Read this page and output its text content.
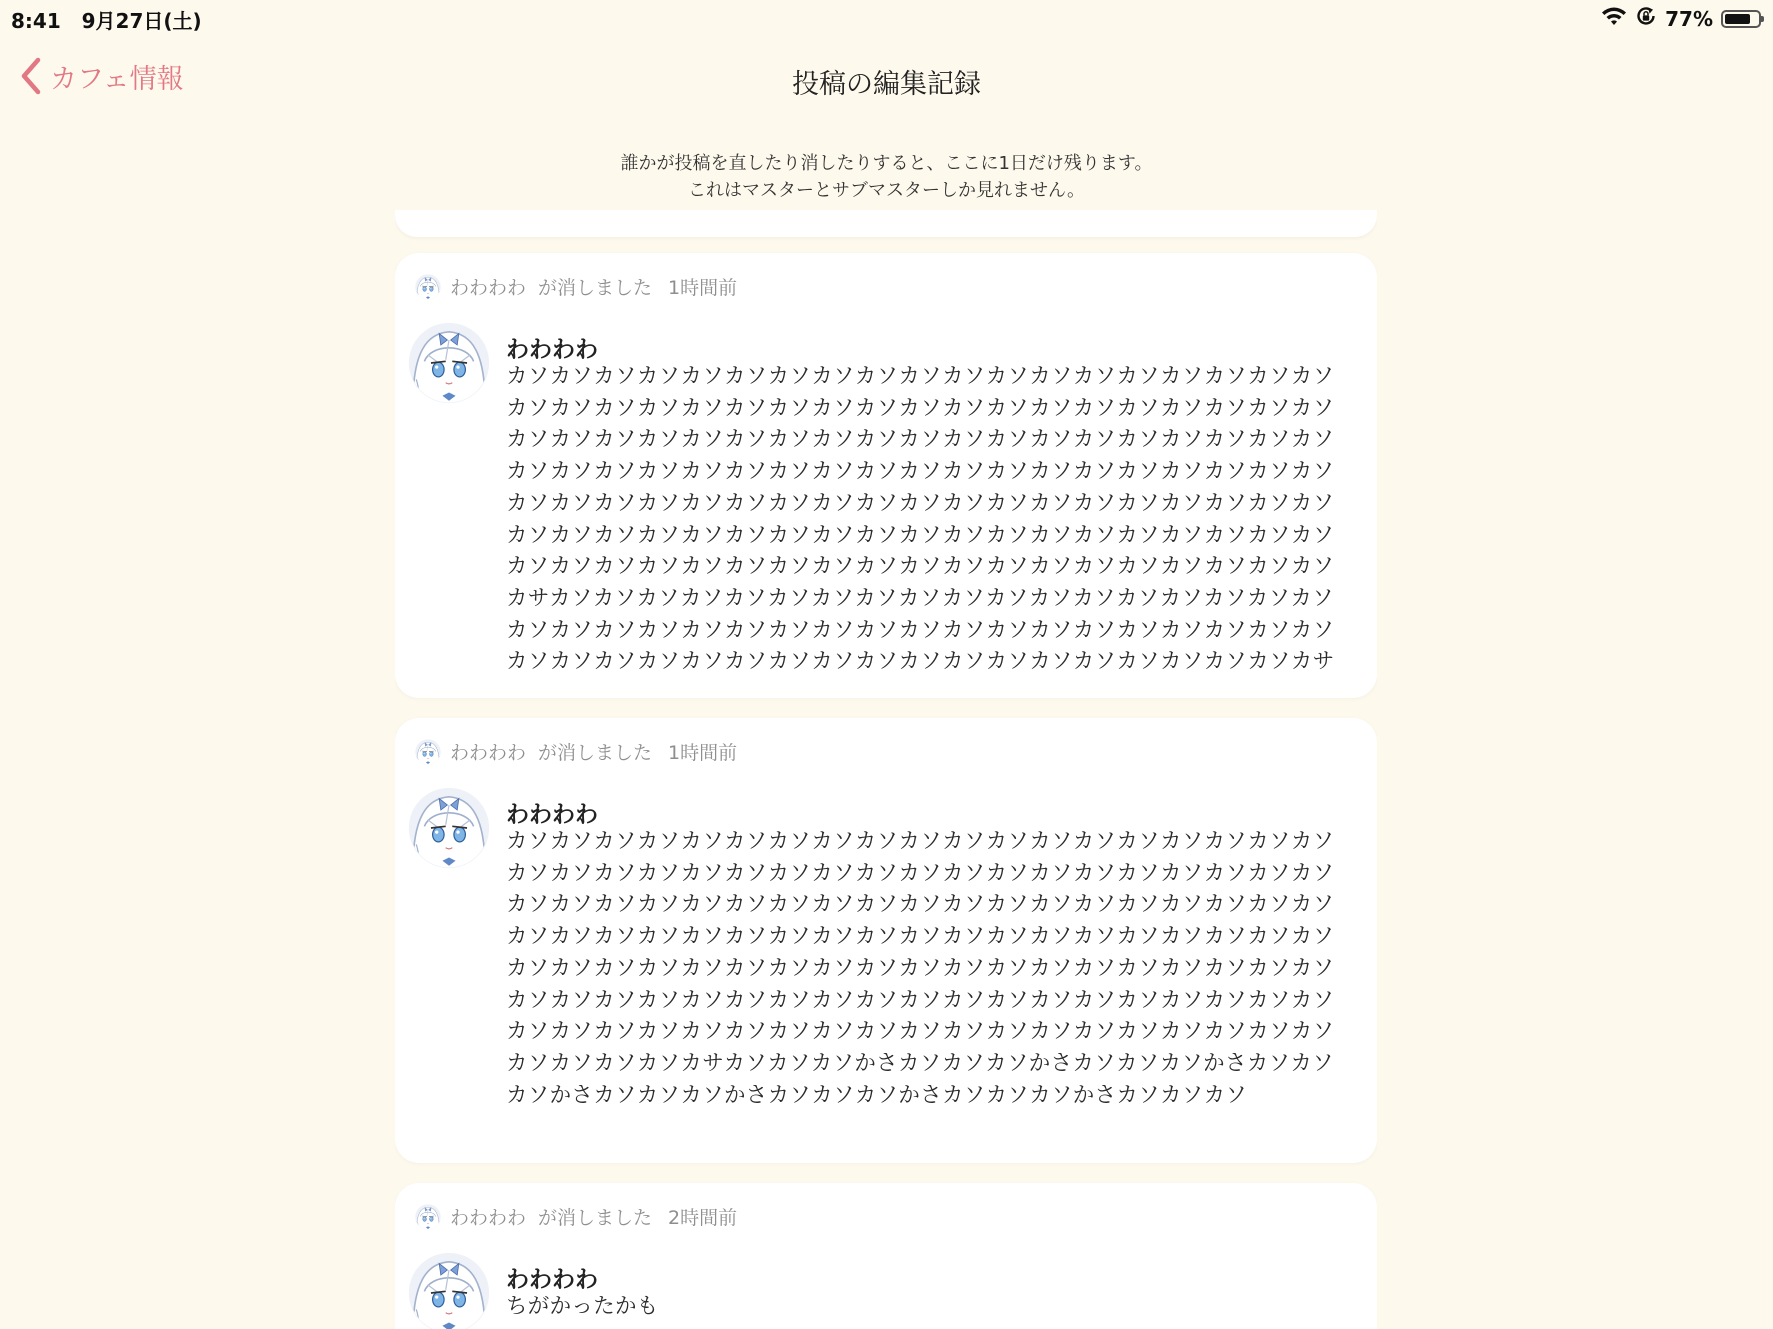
8:41 9月27日(土)	77%
カフェ情報	投稿の編集記録
誰かが投稿を直したり消したりすると、ここに1日だけ残ります。
これはマスターとサブマスターしか見れません。
わわわわ が消しました 1時間前
わわわわ
カソカソカソカソカソカソカソカソカソカソカソカソカソカソカソカソカソカソカソカソカソカソカソカソカソカソカソカソカソカソカソカソカソカソカソカソカソカソカソカソカソカソカソカソカソカソカソカソカソカソカソカソカソカソカソカソカソカソカソカソカソカソカソカソカソカソカソカソカソカソカソカソカソカソカソカソカソカソカソカソカソカソカソカソカソカソカソカソカソカソカソカソカソカソカソカソカソカソカソカソカソカソカソカソカソカソカソカソカソカソカソカソカソカソカソカソカソカソカソカソカソカソカソカソカソカソカソカソカソカソカソカソカソカサカソカソカソカソカソカソカソカソカソカソカソカソカソカソカソカソカソカソカソカソカソカソカソカソカソカソカソカソカソカソカソカソカソカソカソカソカソカソカソカソカソカソカソカソカソカソカソカソカソカソカソカソカソカソカソカサ
わわわわ が消しました 1時間前
わわわわ
カソカソカソカソカソカソカソカソカソカソカソカソカソカソカソカソカソカソカソカソカソカソカソカソカソカソカソカソカソカソカソカソカソカソカソカソカソカソカソカソカソカソカソカソカソカソカソカソカソカソカソカソカソカソカソカソカソカソカソカソカソカソカソカソカソカソカソカソカソカソカソカソカソカソカソカソカソカソカソカソカソカソカソカソカソカソカソカソカソカソカソカソカソカソカソカソカソカソカソカソカソカソカソカソカソカソカソカソカソカソカソカソカソカソカソカソカソカソカソカソカソカソカソカソカソカソカソカソカソカソカソカソカソカソカソカソカソカサカソカソカソかさカソカソカソかさカソカソカソかさカソカソカソかさカソカソカソかさカソカソカソかさカソカソカソかさカソカソカソ
わわわわ が消しました 2時間前
わわわわ
ちがかったかも
